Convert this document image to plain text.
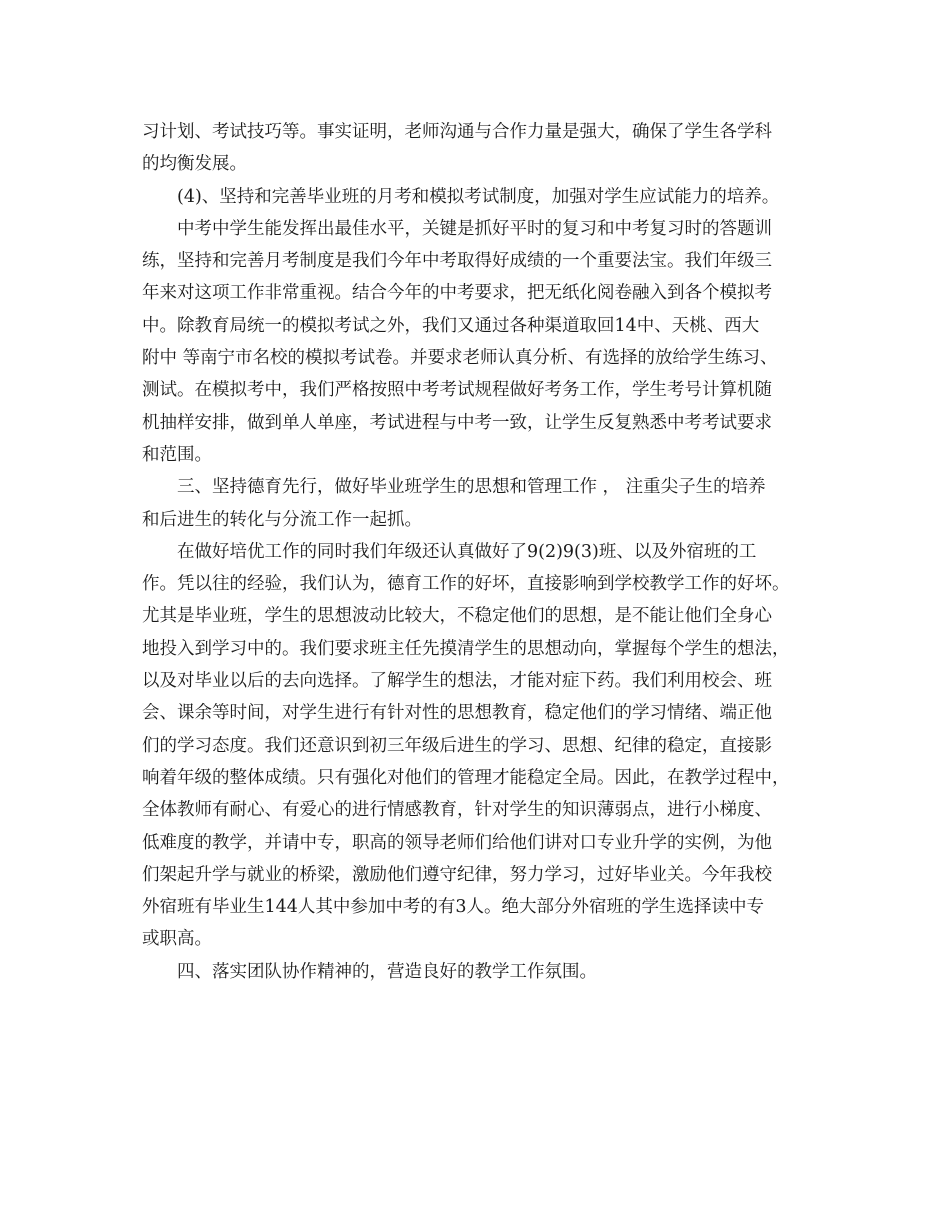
习计划、考试技巧等。事实证明，老师沟通与合作力量是强大，确保了学生各学科
的均衡发展。
(4)、坚持和完善毕业班的月考和模拟考试制度，加强对学生应试能力的培养。
中考中学生能发挥出最佳水平，关键是抓好平时的复习和中考复习时的答题训
练，坚持和完善月考制度是我们今年中考取得好成绩的一个重要法宝。我们年级三
年来对这项工作非常重视。结合今年的中考要求，把无纸化阅卷融入到各个模拟考
中。除教育局统一的模拟考试之外，我们又通过各种渠道取回14中、天桃、西大
附中 等南宁市名校的模拟考试卷。并要求老师认真分析、有选择的放给学生练习、
测试。在模拟考中，我们严格按照中考考试规程做好考务工作，学生考号计算机随
机抽样安排，做到单人单座，考试进程与中考一致，让学生反复熟悉中考考试要求
和范围。
三、坚持德育先行，做好毕业班学生的思想和管理工作 ， 注重尖子生的培养
和后进生的转化与分流工作一起抓。
在做好培优工作的同时我们年级还认真做好了9(2)9(3)班、以及外宿班的工
作。凭以往的经验，我们认为，德育工作的好坏，直接影响到学校教学工作的好坏。
尤其是毕业班，学生的思想波动比较大，不稳定他们的思想，是不能让他们全身心
地投入到学习中的。我们要求班主任先摸清学生的思想动向，掌握每个学生的想法，
以及对毕业以后的去向选择。了解学生的想法，才能对症下药。我们利用校会、班
会、课余等时间，对学生进行有针对性的思想教育，稳定他们的学习情绪、端正他
们的学习态度。我们还意识到初三年级后进生的学习、思想、纪律的稳定，直接影
响着年级的整体成绩。只有强化对他们的管理才能稳定全局。因此，在教学过程中，
全体教师有耐心、有爱心的进行情感教育，针对学生的知识薄弱点，进行小梯度、
低难度的教学，并请中专，职高的领导老师们给他们讲对口专业升学的实例，为他
们架起升学与就业的桥梁，激励他们遵守纪律，努力学习，过好毕业关。今年我校
外宿班有毕业生144人其中参加中考的有3人。绝大部分外宿班的学生选择读中专
或职高。
四、落实团队协作精神的，营造良好的教学工作氛围。
